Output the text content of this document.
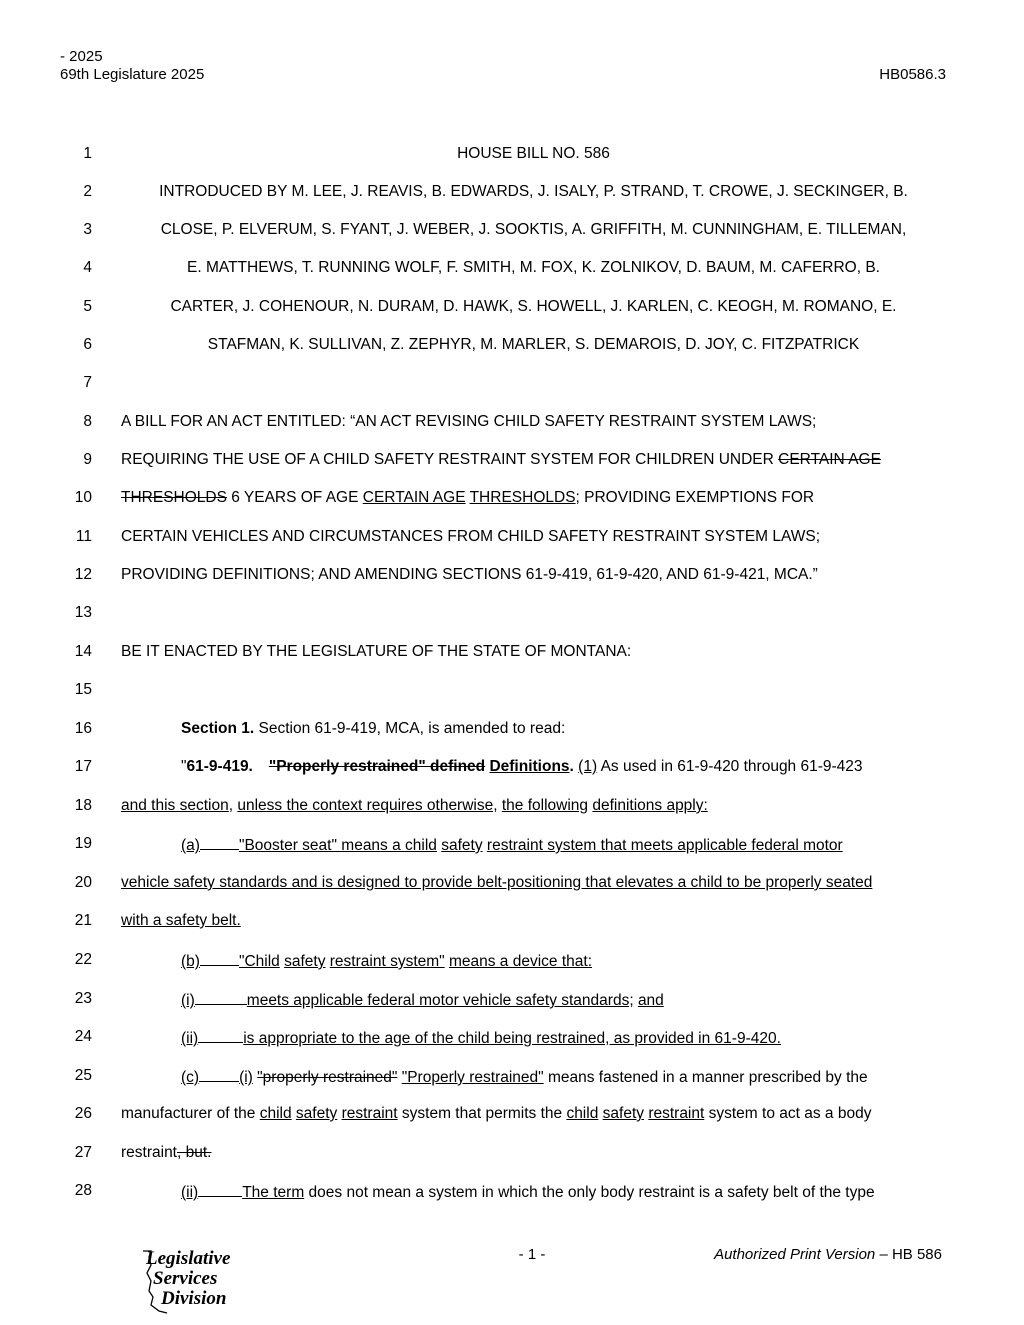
- 2025
69th Legislature 2025	HB0586.3
1	HOUSE BILL NO. 586
2	INTRODUCED BY M. LEE, J. REAVIS, B. EDWARDS, J. ISALY, P. STRAND, T. CROWE, J. SECKINGER, B.
3	CLOSE, P. ELVERUM, S. FYANT, J. WEBER, J. SOOKTIS, A. GRIFFITH, M. CUNNINGHAM, E. TILLEMAN,
4	E. MATTHEWS, T. RUNNING WOLF, F. SMITH, M. FOX, K. ZOLNIKOV, D. BAUM, M. CAFERRO, B.
5	CARTER, J. COHENOUR, N. DURAM, D. HAWK, S. HOWELL, J. KARLEN, C. KEOGH, M. ROMANO, E.
6	STAFMAN, K. SULLIVAN, Z. ZEPHYR, M. MARLER, S. DEMAROIS, D. JOY, C. FITZPATRICK
7
8 A BILL FOR AN ACT ENTITLED: “AN ACT REVISING CHILD SAFETY RESTRAINT SYSTEM LAWS;
9 REQUIRING THE USE OF A CHILD SAFETY RESTRAINT SYSTEM FOR CHILDREN UNDER CERTAIN AGE
10 THRESHOLDS 6 YEARS OF AGE CERTAIN AGE THRESHOLDS; PROVIDING EXEMPTIONS FOR
11 CERTAIN VEHICLES AND CIRCUMSTANCES FROM CHILD SAFETY RESTRAINT SYSTEM LAWS;
12 PROVIDING DEFINITIONS; AND AMENDING SECTIONS 61-9-419, 61-9-420, AND 61-9-421, MCA.”
13
14 BE IT ENACTED BY THE LEGISLATURE OF THE STATE OF MONTANA:
15
16	Section 1. Section 61-9-419, MCA, is amended to read:
17	"61-9-419. "Properly restrained" defined Definitions. (1) As used in 61-9-420 through 61-9-423
18 and this section, unless the context requires otherwise, the following definitions apply:
19	(a)	"Booster seat" means a child safety restraint system that meets applicable federal motor
20 vehicle safety standards and is designed to provide belt-positioning that elevates a child to be properly seated
21 with a safety belt.
22	(b)	"Child safety restraint system" means a device that:
23	(i)	meets applicable federal motor vehicle safety standards; and
24	(ii)	is appropriate to the age of the child being restrained, as provided in 61-9-420.
25	(c)	(i) "properly restrained" "Properly restrained" means fastened in a manner prescribed by the
26 manufacturer of the child safety restraint system that permits the child safety restraint system to act as a body
27 restraint, but.
28	(ii)	The term does not mean a system in which the only body restraint is a safety belt of the type
Legislative
Services
Division
- 1 -	Authorized Print Version – HB 586
